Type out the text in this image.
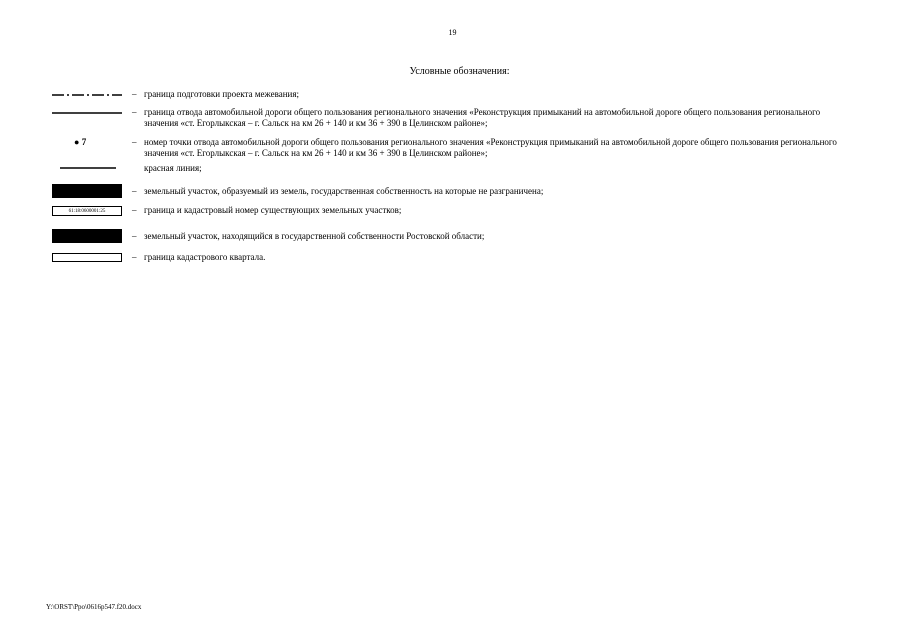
19
Условные обозначения:
– граница подготовки проекта межевания;
– граница отвода автомобильной дороги общего пользования регионального значения «Реконструкция примыканий на автомобильной дороге общего пользования регионального значения «ст. Егорлыкская – г. Сальск на км 26 + 140 и км 36 + 390 в Целинском районе»;
● 7	– номер точки отвода автомобильной дороги общего пользования регионального значения «Реконструкция примыканий на автомобильной дороге общего пользования регионального значения «ст. Егорлыкская – г. Сальск на км 26 + 140 и км 36 + 390 в Целинском районе»;
красная линия;
– земельный участок, образуемый из земель, государственная собственность на которые не разграничена;
61:18:0600001:25	– граница и кадастровый номер существующих земельных участков;
– земельный участок, находящийся в государственной собственности Ростовской области;
– граница кадастрового квартала.
Y:\ORST\Ppo\0616p547.f20.docx
